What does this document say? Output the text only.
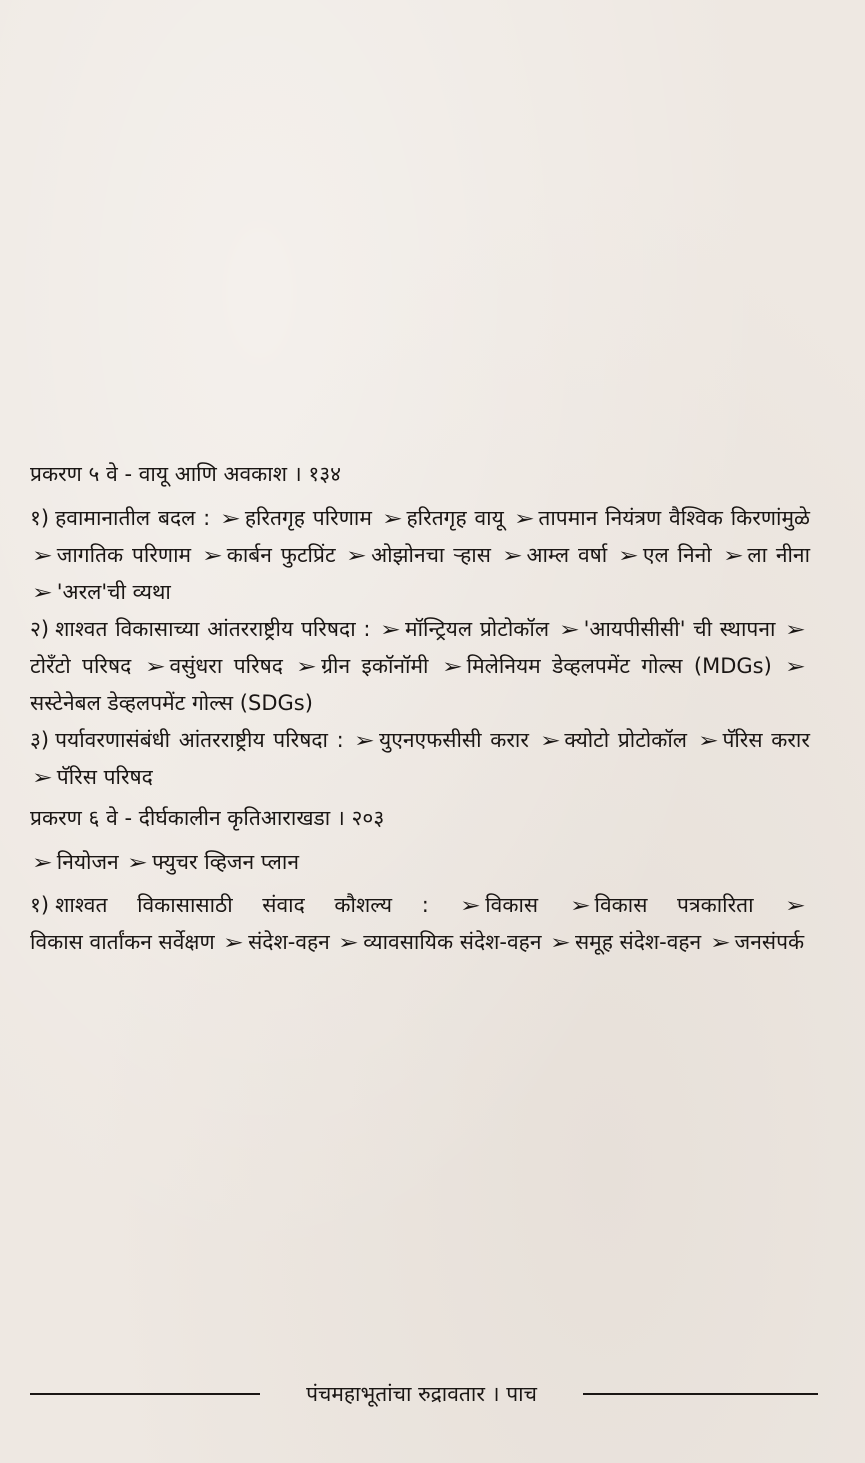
प्रकरण ५ वे - वायू आणि अवकाश । १३४
१) हवामानातील बदल : ➢ हरितगृह परिणाम ➢ हरितगृह वायू ➢ तापमान नियंत्रण वैश्विक किरणांमुळे ➢ जागतिक परिणाम ➢ कार्बन फुटप्रिंट ➢ ओझोनचा ऱ्हास ➢ आम्ल वर्षा ➢ एल निनो ➢ ला नीना ➢ 'अरल'ची व्यथा
२) शाश्वत विकासाच्या आंतरराष्ट्रीय परिषदा : ➢ मॉन्ट्रियल प्रोटोकॉल ➢ 'आयपीसीसी' ची स्थापना ➢टोरँटो परिषद ➢ वसुंधरा परिषद ➢ ग्रीन इकॉनॉमी ➢ मिलेनियम डेव्हलपमेंट गोल्स (MDGs) ➢सस्टेनेबल डेव्हलपमेंट गोल्स (SDGs)
३) पर्यावरणासंबंधी आंतरराष्ट्रीय परिषदा : ➢ युएनएफसीसी करार ➢ क्योटो प्रोटोकॉल ➢ पॅरिस करार ➢ पॅरिस परिषद
प्रकरण ६ वे - दीर्घकालीन कृतिआराखडा । २०३
➢ नियोजन ➢ फ्युचर व्हिजन प्लान
१) शाश्वत विकासासाठी संवाद कौशल्य : ➢ विकास ➢ विकास पत्रकारिता ➢विकास वार्तांकन सर्वेक्षण ➢ संदेश-वहन ➢ व्यावसायिक संदेश-वहन ➢ समूह संदेश-वहन ➢ जनसंपर्क
पंचमहाभूतांचा रुद्रावतार । पाच
